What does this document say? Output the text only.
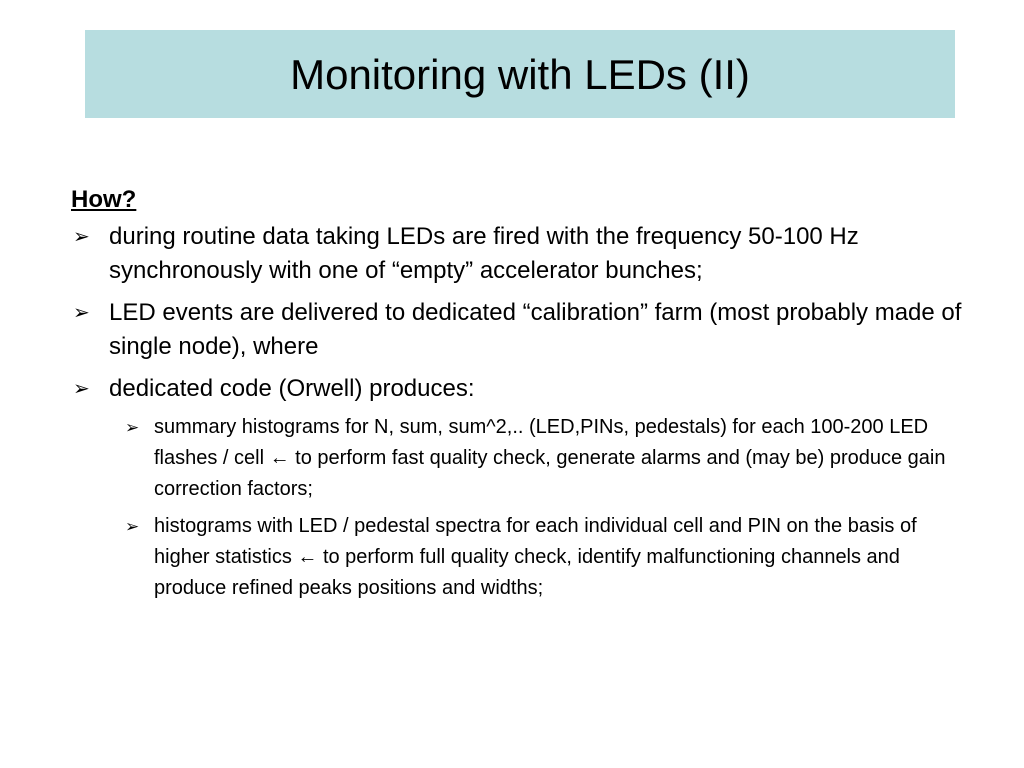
Monitoring with LEDs (II)
How?
➢ during routine data taking LEDs are fired with the frequency 50-100 Hz synchronously with one of “empty” accelerator bunches;
➢ LED events are delivered to dedicated “calibration” farm (most probably made of single node), where
➢ dedicated code (Orwell) produces:
➢ summary histograms for N, sum, sum^2,.. (LED,PINs, pedestals) for each 100-200 LED flashes / cell ← to perform fast quality check, generate alarms and (may be) produce gain correction factors;
➢ histograms with LED / pedestal spectra for each individual cell and PIN on the basis of higher statistics ← to perform full quality check, identify malfunctioning channels and produce refined peaks positions and widths;
